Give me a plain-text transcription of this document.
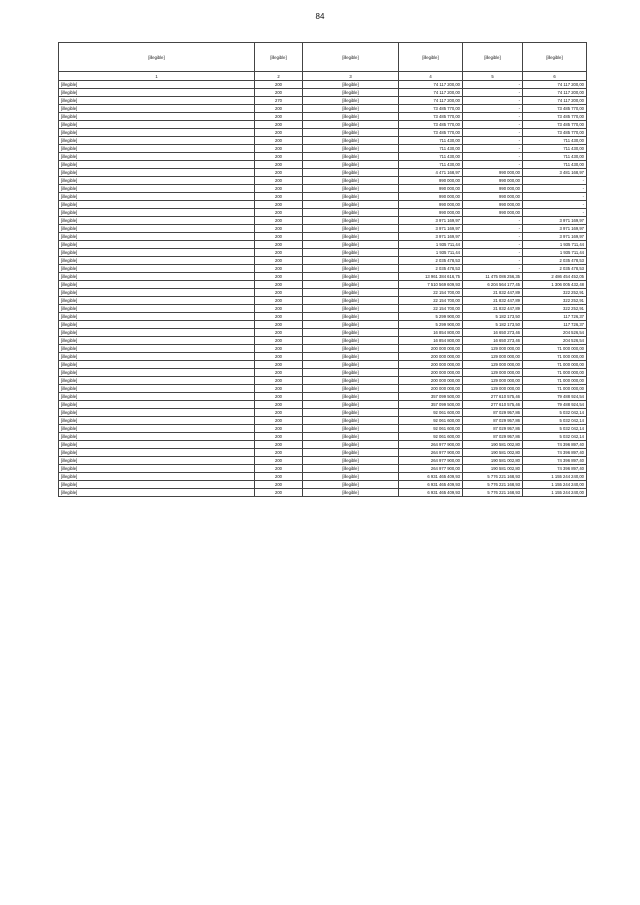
84
[illegible]	[illegible]	[illegible]	[illegible]	[illegible]	[illegible]
1	2	3	4	5	6
[illegible]	200	[illegible]	74 117 200,00	-	74 117 200,00
[illegible]	200	[illegible]	74 117 200,00	-	74 117 200,00
[illegible]	270	[illegible]	74 117 200,00	-	74 117 200,00
[illegible]	200	[illegible]	73 485 770,00	-	73 485 770,00
[illegible]	200	[illegible]	73 485 770,00	-	73 485 770,00
[illegible]	200	[illegible]	73 485 770,00	-	73 485 770,00
[illegible]	200	[illegible]	73 485 770,00	-	73 485 770,00
[illegible]	200	[illegible]	711 430,00	-	711 430,00
[illegible]	200	[illegible]	711 430,00	-	711 430,00
[illegible]	200	[illegible]	711 430,00	-	711 430,00
[illegible]	200	[illegible]	711 430,00	-	711 430,00
[illegible]	200	[illegible]	4 471 168,97	990 000,00	3 481 168,97
[illegible]	200	[illegible]	990 000,00	990 000,00	-
[illegible]	200	[illegible]	990 000,00	990 000,00	-
[illegible]	200	[illegible]	990 000,00	990 000,00	-
[illegible]	200	[illegible]	990 000,00	990 000,00	-
[illegible]	200	[illegible]	990 000,00	990 000,00	-
[illegible]	200	[illegible]	3 971 169,97	-	3 971 169,97
[illegible]	200	[illegible]	3 971 169,97	-	3 971 169,97
[illegible]	200	[illegible]	3 971 169,97	-	3 971 169,97
[illegible]	200	[illegible]	1 935 711,44	-	1 935 711,44
[illegible]	200	[illegible]	1 935 711,44	-	1 935 711,44
[illegible]	200	[illegible]	2 035 478,53	-	2 035 478,53
[illegible]	200	[illegible]	2 035 478,53	-	2 035 478,53
[illegible]	200	[illegible]	13 961 384 616,75	11 475 086 256,35	2 486 454 452,05
[illegible]	200	[illegible]	7 510 569 609,93	6 204 564 177,45	1 306 005 432,48
[illegible]	200	[illegible]	22 154 700,00	21 832 447,89	322 252,91
[illegible]	200	[illegible]	22 154 700,00	21 832 447,89	322 252,91
[illegible]	200	[illegible]	22 154 700,00	21 832 447,89	322 252,91
[illegible]	200	[illegible]	5 299 900,00	5 182 173,50	117 726,37
[illegible]	200	[illegible]	5 299 900,00	5 182 173,50	117 726,37
[illegible]	200	[illegible]	16 854 800,00	16 650 273,46	204 526,54
[illegible]	200	[illegible]	16 854 800,00	16 650 273,46	204 526,54
[illegible]	200	[illegible]	200 000 000,00	129 000 000,00	71 000 000,00
[illegible]	200	[illegible]	200 000 000,00	129 000 000,00	71 000 000,00
[illegible]	200	[illegible]	200 000 000,00	129 000 000,00	71 000 000,00
[illegible]	200	[illegible]	200 000 000,00	129 000 000,00	71 000 000,00
[illegible]	200	[illegible]	200 000 000,00	129 000 000,00	71 000 000,00
[illegible]	200	[illegible]	200 000 000,00	129 000 000,00	71 000 000,00
[illegible]	200	[illegible]	357 099 500,00	277 610 575,46	79 488 924,54
[illegible]	200	[illegible]	357 099 500,00	277 610 575,46	79 488 924,54
[illegible]	200	[illegible]	92 061 600,00	87 029 957,86	5 032 042,14
[illegible]	200	[illegible]	92 061 600,00	87 029 957,86	5 032 042,14
[illegible]	200	[illegible]	92 061 600,00	87 029 957,86	5 032 042,14
[illegible]	200	[illegible]	92 061 600,00	87 029 957,86	5 032 042,14
[illegible]	200	[illegible]	264 977 900,00	190 581 002,80	74 396 897,40
[illegible]	200	[illegible]	264 977 900,00	190 581 002,80	74 396 897,40
[illegible]	200	[illegible]	264 977 900,00	190 581 002,80	74 396 897,40
[illegible]	200	[illegible]	264 977 900,00	190 581 002,80	74 396 897,40
[illegible]	200	[illegible]	6 931 465 409,93	5 776 221 168,93	1 155 244 240,00
[illegible]	200	[illegible]	6 931 465 409,93	5 776 221 168,93	1 155 244 240,00
[illegible]	200	[illegible]	6 931 465 409,93	5 776 221 168,93	1 155 244 240,00
